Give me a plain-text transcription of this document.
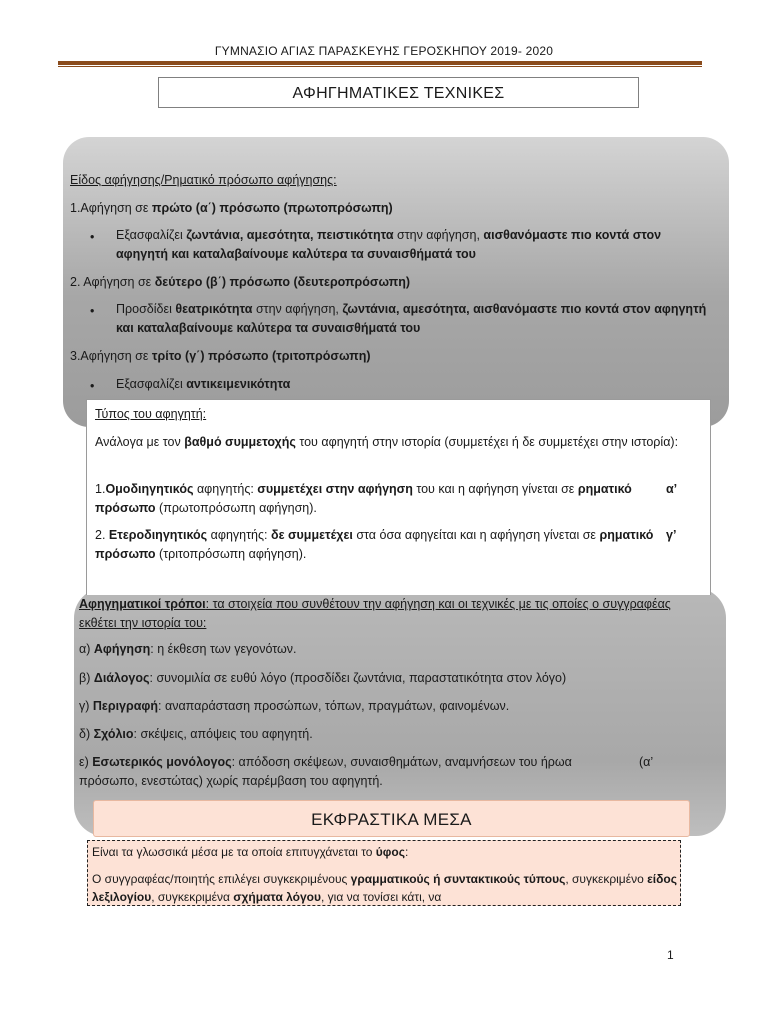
ΓΥΜΝΑΣΙΟ ΑΓΙΑΣ ΠΑΡΑΣΚΕΥΗΣ ΓΕΡΟΣΚΗΠΟΥ 2019- 2020
ΑΦΗΓΗΜΑΤΙΚΕΣ ΤΕΧΝΙΚΕΣ
Είδος αφήγησης/Ρηματικό πρόσωπο αφήγησης:
1.Αφήγηση σε πρώτο (α΄) πρόσωπο (πρωτοπρόσωπη)
• Εξασφαλίζει ζωντάνια, αμεσότητα, πειστικότητα στην αφήγηση, αισθανόμαστε πιο κοντά στον αφηγητή και καταλαβαίνουμε καλύτερα τα συναισθήματά του
2. Αφήγηση σε δεύτερο (β΄) πρόσωπο (δευτεροπρόσωπη)
• Προσδίδει θεατρικότητα στην αφήγηση, ζωντάνια, αμεσότητα, αισθανόμαστε πιο κοντά στον αφηγητή και καταλαβαίνουμε καλύτερα τα συναισθήματά του
3.Αφήγηση σε τρίτο (γ΄) πρόσωπο (τριτοπρόσωπη)
• Εξασφαλίζει αντικειμενικότητα
Τύπος του αφηγητή:
Ανάλογα με τον βαθμό συμμετοχής του αφηγητή στην ιστορία (συμμετέχει ή δε συμμετέχει στην ιστορία):
1.Ομοδιηγητικός αφηγητής: συμμετέχει στην αφήγηση του και η αφήγηση γίνεται σε ρηματικό πρόσωπο (πρωτοπρόσωπη αφήγηση).
α’
2. Ετεροδιηγητικός αφηγητής: δε συμμετέχει στα όσα αφηγείται και η αφήγηση γίνεται σε ρηματικό πρόσωπο (τριτοπρόσωπη αφήγηση).
γ’
Αφηγηματικοί τρόποι: τα στοιχεία που συνθέτουν την αφήγηση και οι τεχνικές με τις οποίες ο συγγραφέας εκθέτει την ιστορία του:
α) Αφήγηση: η έκθεση των γεγονότων.
β) Διάλογος: συνομιλία σε ευθύ λόγο (προσδίδει ζωντάνια, παραστατικότητα στον λόγο)
γ) Περιγραφή: αναπαράσταση προσώπων, τόπων, πραγμάτων, φαινομένων.
δ) Σχόλιο: σκέψεις, απόψεις του αφηγητή.
ε) Εσωτερικός μονόλογος: απόδοση σκέψεων, συναισθημάτων, αναμνήσεων του ήρωα πρόσωπο, ενεστώτας) χωρίς παρέμβαση του αφηγητή.
(α’
ΕΚΦΡΑΣΤΙΚΑ ΜΕΣΑ
Είναι τα γλωσσικά μέσα με τα οποία επιτυγχάνεται το ύφος:
Ο συγγραφέας/ποιητής επιλέγει συγκεκριμένους γραμματικούς ή συντακτικούς τύπους, συγκεκριμένο είδος λεξιλογίου, συγκεκριμένα σχήματα λόγου, για να τονίσει κάτι, να
1
